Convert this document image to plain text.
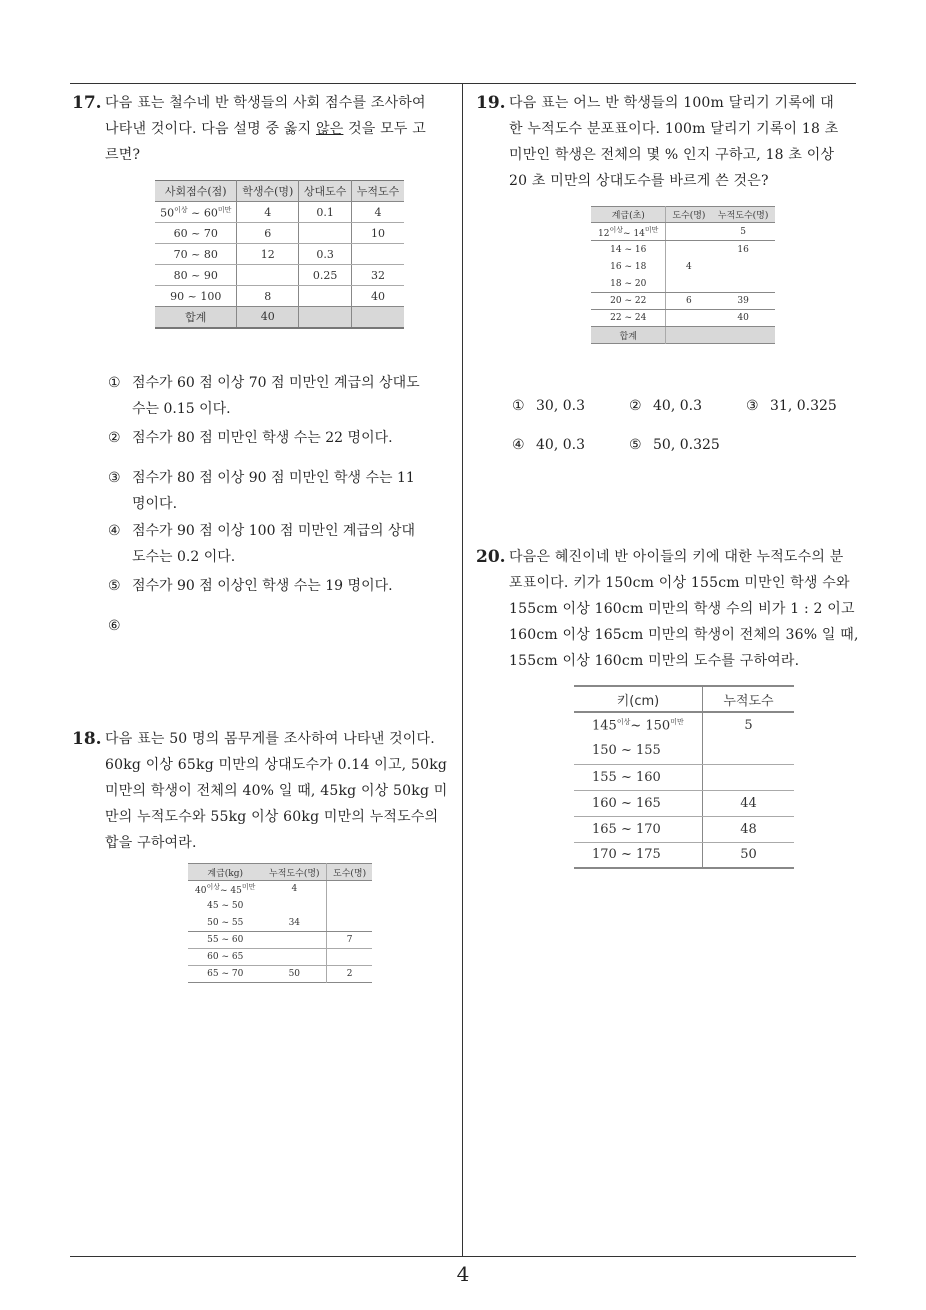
17. 다음 표는 철수네 반 학생들의 사회 점수를 조사하여
나타낸 것이다. 다음 설명 중 옳지 않은 것을 모두 고
르면?
사회점수(점)	학생수(명)	상대도수	누적도수
$50^{이상}$ ~ $60^{미만}$	4	0.1	4
60 ~ 70	6		10
70 ~ 80	12	0.3	
80 ~ 90		0.25	32
90 ~ 100	8		40
합계	40		
① 점수가 60 점 이상 70 점 미만인 계급의 상대도
수는 0.15 이다.
② 점수가 80 점 미만인 학생 수는 22 명이다.
③ 점수가 80 점 이상 90 점 미만인 학생 수는 11
명이다.
④ 점수가 90 점 이상 100 점 미만인 계급의 상대
도수는 0.2 이다.
⑤ 점수가 90 점 이상인 학생 수는 19 명이다.
⑥
18. 다음 표는 50 명의 몸무게를 조사하여 나타낸 것이다.
60kg 이상 65kg 미만의 상대도수가 0.14 이고, 50kg
미만의 학생이 전체의 40% 일 때, 45kg 이상 50kg 미
만의 누적도수와 55kg 이상 60kg 미만의 누적도수의
합을 구하여라.
계급(kg)	누적도수(명)	도수(명)
$40^{이상}\sim$ $45^{미만}$	4	
45 ~ 50		
50 ~ 55	34	
55 ~ 60		7
60 ~ 65		
65 ~ 70	50	2
19. 다음 표는 어느 반 학생들의 100m 달리기 기록에 대
한 누적도수 분포표이다. 100m 달리기 기록이 18 초
미만인 학생은 전체의 몇 % 인지 구하고, 18 초 이상
20 초 미만의 상대도수를 바르게 쓴 것은?
계급(초)	도수(명)	누적도수(명)
$12^{이상}\sim$ $14^{미만}$		5
14 ~ 16		16
16 ~ 18	4	
18 ~ 20		
20 ~ 22	6	39
22 ~ 24		40
합계		
① 30, 0.3	② 40, 0.3	③ 31, 0.325
④ 40, 0.3	⑤ 50, 0.325
20. 다음은 혜진이네 반 아이들의 키에 대한 누적도수의 분
포표이다. 키가 150cm 이상 155cm 미만인 학생 수와
155cm 이상 160cm 미만의 학생 수의 비가 1 : 2 이고
160cm 이상 165cm 미만의 학생이 전체의 36% 일 때,
155cm 이상 160cm 미만의 도수를 구하여라.
키(cm)	누적도수
$145^{이상}\sim$ $150^{미만}$	5
150 ~ 155	
155 ~ 160	
160 ~ 165	44
165 ~ 170	48
170 ~ 175	50
4
